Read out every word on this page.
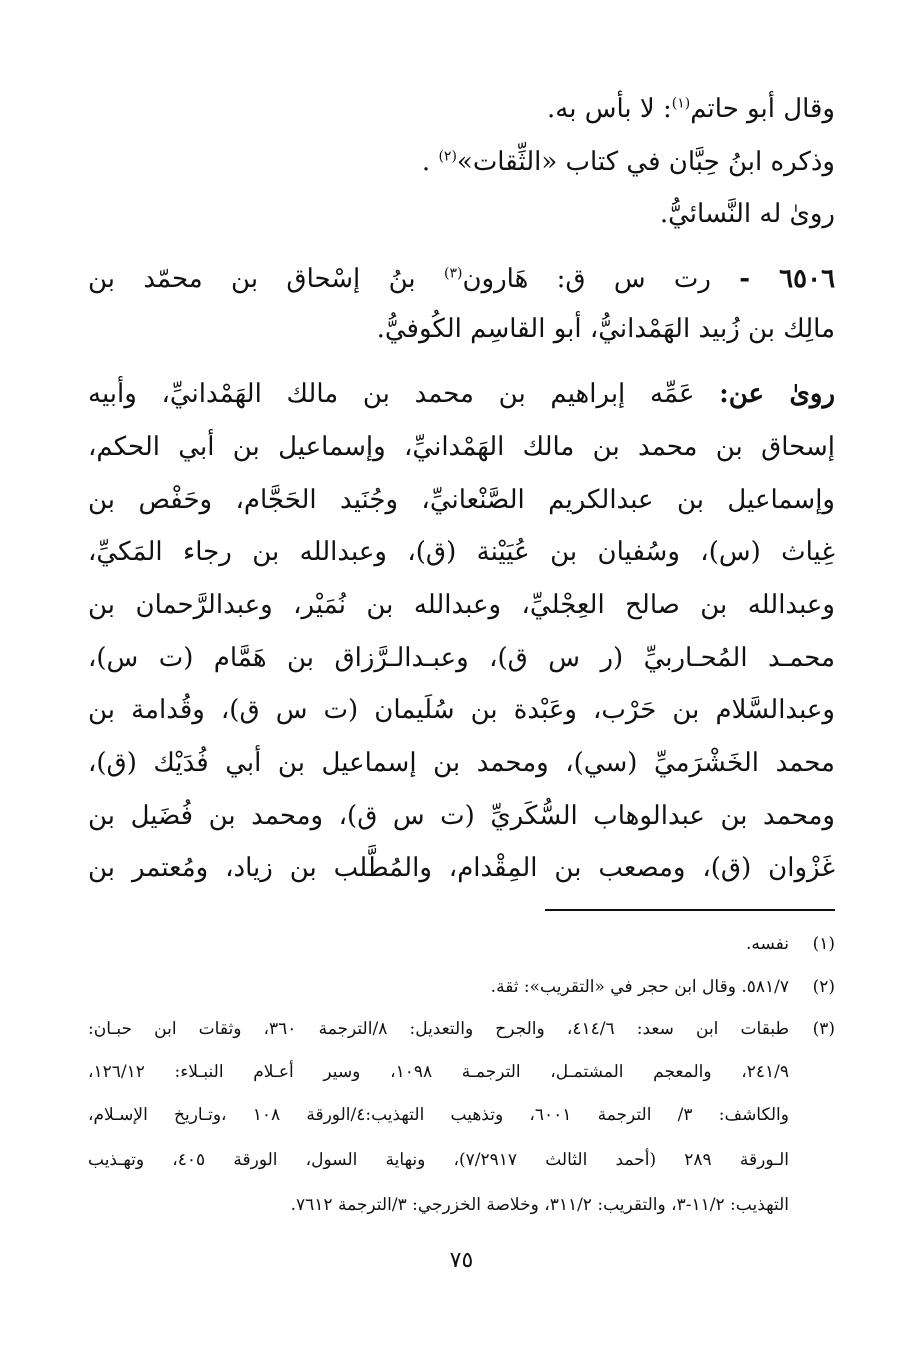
وقال أبو حاتم$^{(١)}$: لا بأس به.
وذكره ابنُ حِبَّان في كتاب «الثِّقات»$^{(٢)}$ .
روىٰ له النَّسائيُّ.
٦٥٠٦ - رت س ق: هَارون$^{(٣)}$ بنُ إسْحاق بن محمّد بن
مالِك بن زُبيد الهَمْدانيُّ، أبو القاسِم الكُوفيُّ.
روىٰ عن: عَمِّه إبراهيم بن محمد بن مالك الهَمْدانيِّ، وأبيه
إسحاق بن محمد بن مالك الهَمْدانيِّ، وإسماعيل بن أبي الحكم،
وإسماعيل بن عبدالكريم الصَّنْعانيِّ، وجُنَيد الحَجَّام، وحَفْص بن
غِياث (س)، وسُفيان بن عُيَيْنة (ق)، وعبدالله بن رجاء المَكيِّ،
وعبدالله بن صالح العِجْليِّ، وعبدالله بن نُمَيْر، وعبدالرَّحمان بن
محمـد المُحـاربيِّ (ر س ق)، وعبـدالـرَّزاق بن هَمَّام (ت س)،
وعبدالسَّلام بن حَرْب، وعَبْدة بن سُلَيمان (ت س ق)، وقُدامة بن
محمد الخَشْرَميِّ (سي)، ومحمد بن إسماعيل بن أبي فُدَيْك (ق)،
ومحمد بن عبدالوهاب السُّكَريِّ (ت س ق)، ومحمد بن فُضَيل بن
غَزْوان (ق)، ومصعب بن المِقْدام، والمُطَّلب بن زياد، ومُعتمر بن
(١)نفسه.
(٢)٥٨١/٧. وقال ابن حجر في «التقريب»: ثقة.
(٣)طبقات ابن سعد: ٤١٤/٦، والجرح والتعديل: ٨/الترجمة ٣٦٠، وثقات ابن حبـان:
٢٤١/٩، والمعجم المشتمـل، الترجمـة ١٠٩٨، وسير أعـلام النبـلاء: ١٢٦/١٢،
والكاشف: ٣/ الترجمة ٦٠٠١، وتذهيب التهذيب:٤/الورقة ١٠٨ ،وتـاريخ الإسـلام،
الـورقة ٢٨٩ (أحمد الثالث ٧/٢٩١٧)، ونهاية السول، الورقة ٤٠٥، وتهـذيب
التهذيب: ١١/٢-٣، والتقريب: ٣١١/٢، وخلاصة الخزرجي: ٣/الترجمة ٧٦١٢.
٧٥
